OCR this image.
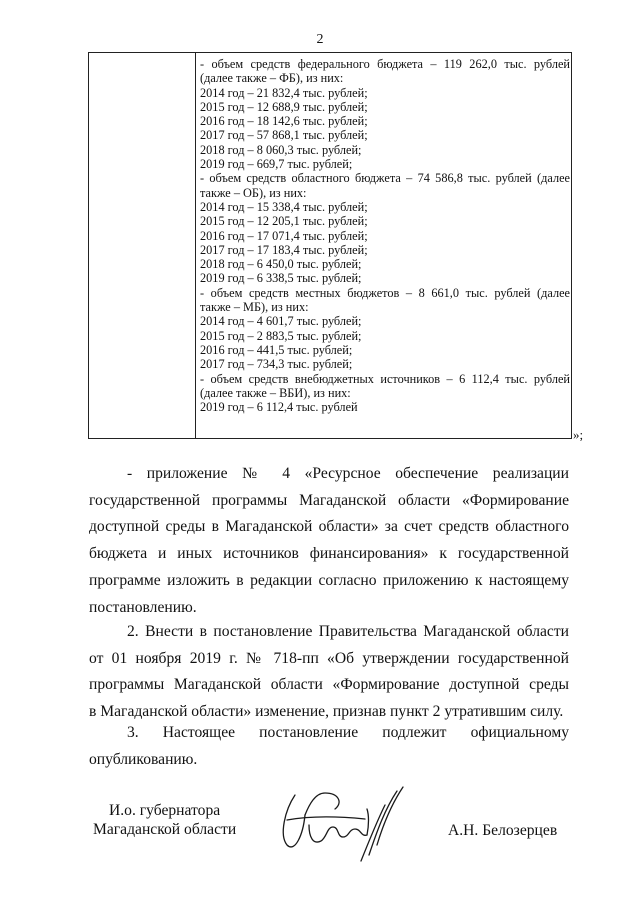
2
- объем средств федерального бюджета – 119 262,0 тыс. рублей
(далее также – ФБ), из них:
2014 год – 21 832,4 тыс. рублей;
2015 год – 12 688,9 тыс. рублей;
2016 год – 18 142,6 тыс. рублей;
2017 год – 57 868,1 тыс. рублей;
2018 год – 8 060,3 тыс. рублей;
2019 год – 669,7 тыс. рублей;
- объем средств областного бюджета – 74 586,8 тыс. рублей (далее
также – ОБ), из них:
2014 год – 15 338,4 тыс. рублей;
2015 год – 12 205,1 тыс. рублей;
2016 год – 17 071,4 тыс. рублей;
2017 год – 17 183,4 тыс. рублей;
2018 год – 6 450,0 тыс. рублей;
2019 год – 6 338,5 тыс. рублей;
- объем средств местных бюджетов – 8 661,0 тыс. рублей (далее
также – МБ), из них:
2014 год – 4 601,7 тыс. рублей;
2015 год – 2 883,5 тыс. рублей;
2016 год – 441,5 тыс. рублей;
2017 год – 734,3 тыс. рублей;
- объем средств внебюджетных источников – 6 112,4 тыс. рублей
(далее также – ВБИ), из них:
2019 год – 6 112,4 тыс. рублей
»;
- приложение № 4 «Ресурсное обеспечение реализации
государственной программы Магаданской области «Формирование
доступной среды в Магаданской области» за счет средств областного
бюджета и иных источников финансирования» к государственной
программе изложить в редакции согласно приложению к настоящему
постановлению.
2. Внести в постановление Правительства Магаданской области
от 01 ноября 2019 г. № 718-пп «Об утверждении государственной
программы Магаданской области «Формирование доступной среды
в Магаданской области» изменение, признав пункт 2 утратившим силу.
3. Настоящее постановление подлежит официальному
опубликованию.
И.о. губернатора
Магаданской области	А.Н. Белозерцев
